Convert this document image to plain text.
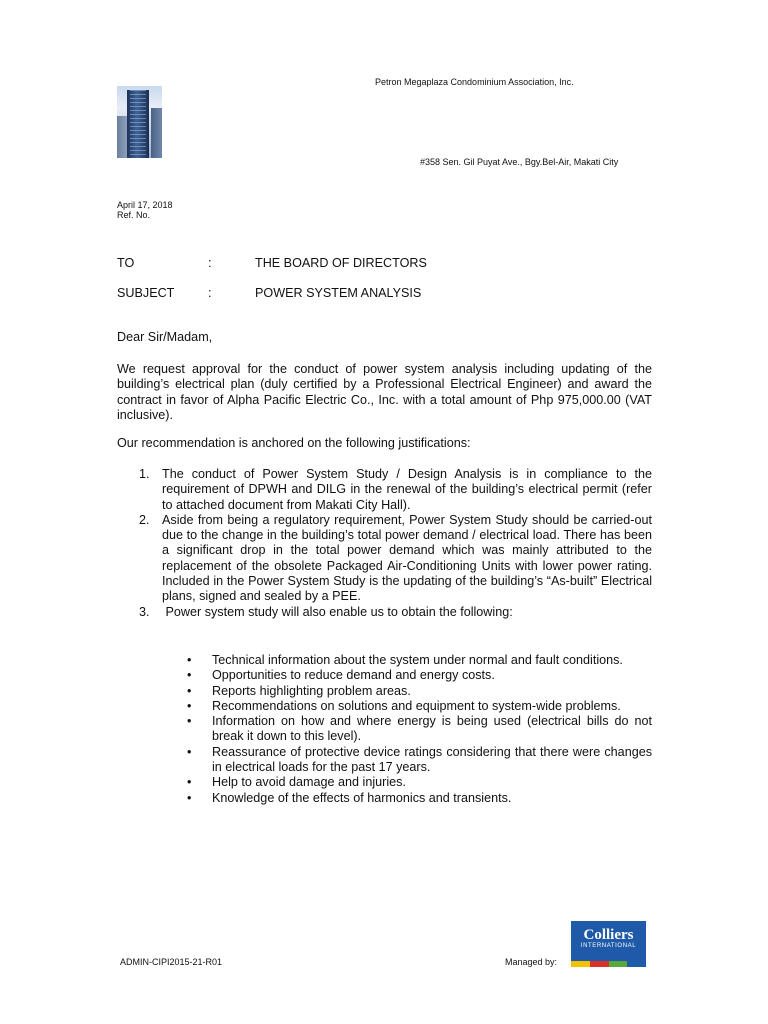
Petron Megaplaza Condominium Association, Inc.
#358 Sen. Gil Puyat Ave., Bgy.Bel-Air, Makati City
April 17, 2018
Ref. No.
TO	:	THE BOARD OF DIRECTORS
SUBJECT	:	POWER SYSTEM ANALYSIS
Dear Sir/Madam,
We request approval for the conduct of power system analysis including updating of the building’s electrical plan (duly certified by a Professional Electrical Engineer) and award the contract in favor of Alpha Pacific Electric Co., Inc. with a total amount of Php 975,000.00 (VAT inclusive).
Our recommendation is anchored on the following justifications:
1. The conduct of Power System Study / Design Analysis is in compliance to the requirement of DPWH and DILG in the renewal of the building’s electrical permit (refer to attached document from Makati City Hall).
2. Aside from being a regulatory requirement, Power System Study should be carried-out due to the change in the building’s total power demand / electrical load. There has been a significant drop in the total power demand which was mainly attributed to the replacement of the obsolete Packaged Air-Conditioning Units with lower power rating. Included in the Power System Study is the updating of the building’s “As-built” Electrical plans, signed and sealed by a PEE.
3. Power system study will also enable us to obtain the following:
• Technical information about the system under normal and fault conditions.
• Opportunities to reduce demand and energy costs.
• Reports highlighting problem areas.
• Recommendations on solutions and equipment to system-wide problems.
• Information on how and where energy is being used (electrical bills do not break it down to this level).
• Reassurance of protective device ratings considering that there were changes in electrical loads for the past 17 years.
• Help to avoid damage and injuries.
• Knowledge of the effects of harmonics and transients.
ADMIN-CIPI2015-21-R01	Managed by:
Colliers
INTERNATIONAL
